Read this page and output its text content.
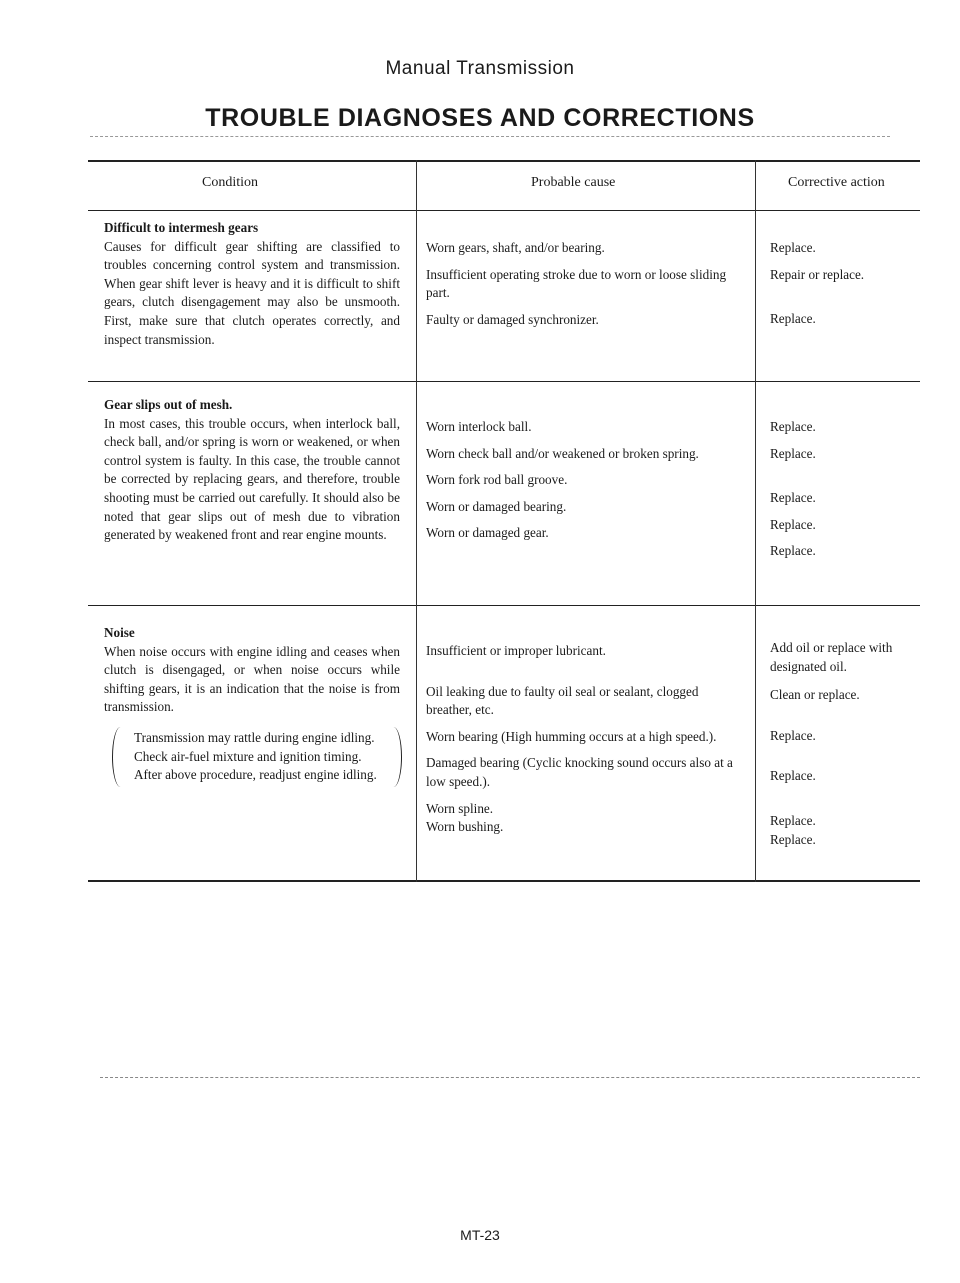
Manual Transmission
TROUBLE DIAGNOSES AND CORRECTIONS
Condition	Probable cause	Corrective action
Difficult to intermesh gears

Causes for difficult gear shifting are classified to troubles concerning control system and transmission. When gear shift lever is heavy and it is difficult to shift gears, clutch disengagement may also be unsmooth. First, make sure that clutch operates correctly, and inspect transmission.

Worn gears, shaft, and/or bearing.
Insufficient operating stroke due to worn or loose sliding part.
Faulty or damaged synchronizer.
Replace.
Repair or replace.
Replace.
Gear slips out of mesh.

In most cases, this trouble occurs, when interlock ball, check ball, and/or spring is worn or weakened, or when control system is faulty. In this case, the trouble cannot be corrected by replacing gears, and therefore, trouble shooting must be carried out carefully. It should also be noted that gear slips out of mesh due to vibration generated by weakened front and rear engine mounts.

Worn interlock ball.
Worn check ball and/or weakened or broken spring.
Worn fork rod ball groove.
Worn or damaged bearing.
Worn or damaged gear.
Replace.
Replace.
Replace.
Replace.
Replace.
Noise

When noise occurs with engine idling and ceases when clutch is disengaged, or when noise occurs while shifting gears, it is an indication that the noise is from transmission.

Transmission may rattle during engine idling.
Check air-fuel mixture and ignition timing.
After above procedure, readjust engine idling.
Insufficient or improper lubricant.
Oil leaking due to faulty oil seal or sealant, clogged breather, etc.
Worn bearing (High humming occurs at a high speed.).
Damaged bearing (Cyclic knocking sound occurs also at a low speed.).
Worn spline.
Worn bushing.
Add oil or replace with designated oil.
Clean or replace.
Replace.
Replace.
Replace.
Replace.
MT-23
